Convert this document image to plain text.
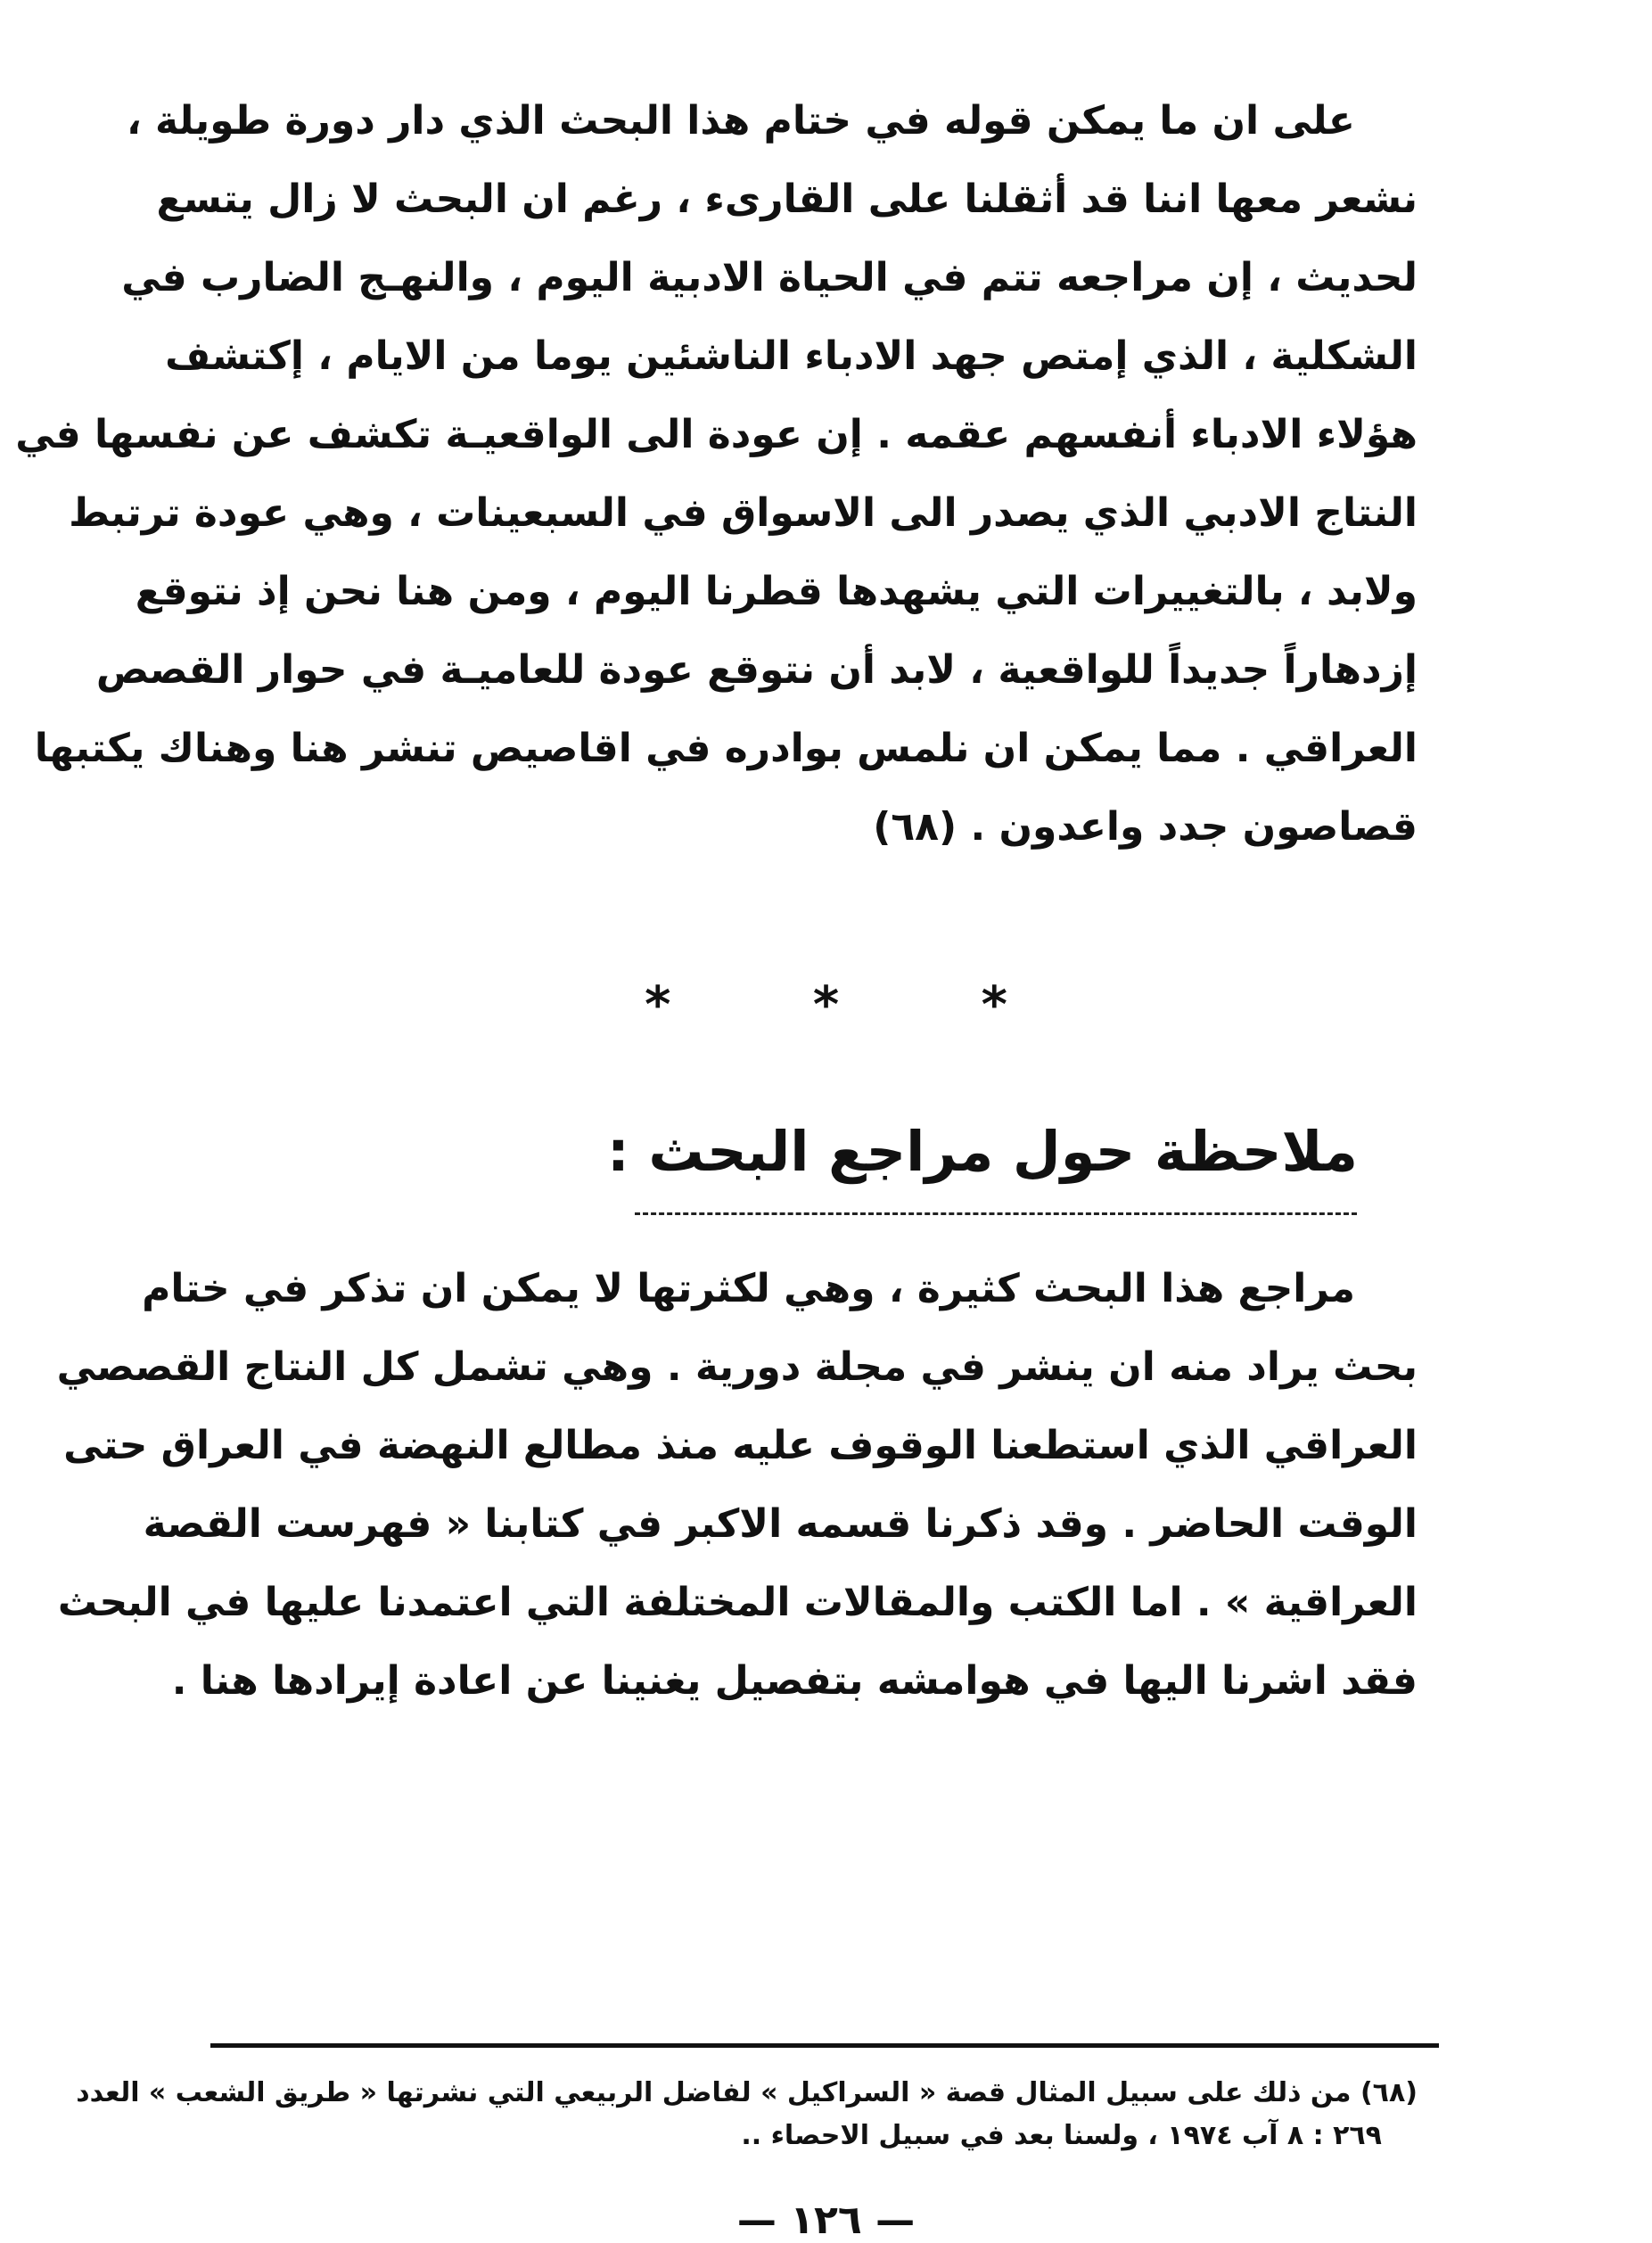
على ان ما يمكن قوله في ختام هذا البحث الذي دار دورة طويلة ،
نشعر معها اننا قد أثقلنا على القارىء ، رغم ان البحث لا زال يتسع
لحديث ، إن مراجعه تتم في الحياة الادبية اليوم ، والنهـج الضارب في
الشكلية ، الذي إمتص جهد الادباء الناشئين يوما من الايام ، إكتشف
هؤلاء الادباء أنفسهم عقمه . إن عودة الى الواقعيـة تكشف عن نفسها في
النتاج الادبي الذي يصدر الى الاسواق في السبعينات ، وهي عودة ترتبط
ولابد ، بالتغييرات التي يشهدها قطرنا اليوم ، ومن هنا نحن إذ نتوقع
إزدهاراً جديداً للواقعية ، لابد أن نتوقع عودة للعاميـة في حوار القصص
العراقي . مما يمكن ان نلمس بوادره في اقاصيص تنشر هنا وهناك يكتبها
قصاصون جدد واعدون . (٦٨)
* * *
ملاحظة حول مراجع البحث :
مراجع هذا البحث كثيرة ، وهي لكثرتها لا يمكن ان تذكر في ختام
بحث يراد منه ان ينشر في مجلة دورية . وهي تشمل كل النتاج القصصي
العراقي الذي استطعنا الوقوف عليه منذ مطالع النهضة في العراق حتى
الوقت الحاضر . وقد ذكرنا قسمه الاكبر في كتابنا « فهرست القصة
العراقية » . اما الكتب والمقالات المختلفة التي اعتمدنا عليها في البحث
فقد اشرنا اليها في هوامشه بتفصيل يغنينا عن اعادة إيرادها هنا .
(٦٨) من ذلك على سبيل المثال قصة « السراكيل » لفاضل الربيعي التي نشرتها « طريق الشعب » العدد
٢٦٩ : ٨ آب ١٩٧٤ ، ولسنا بعد في سبيل الاحصاء ..
— ١٢٦ —
